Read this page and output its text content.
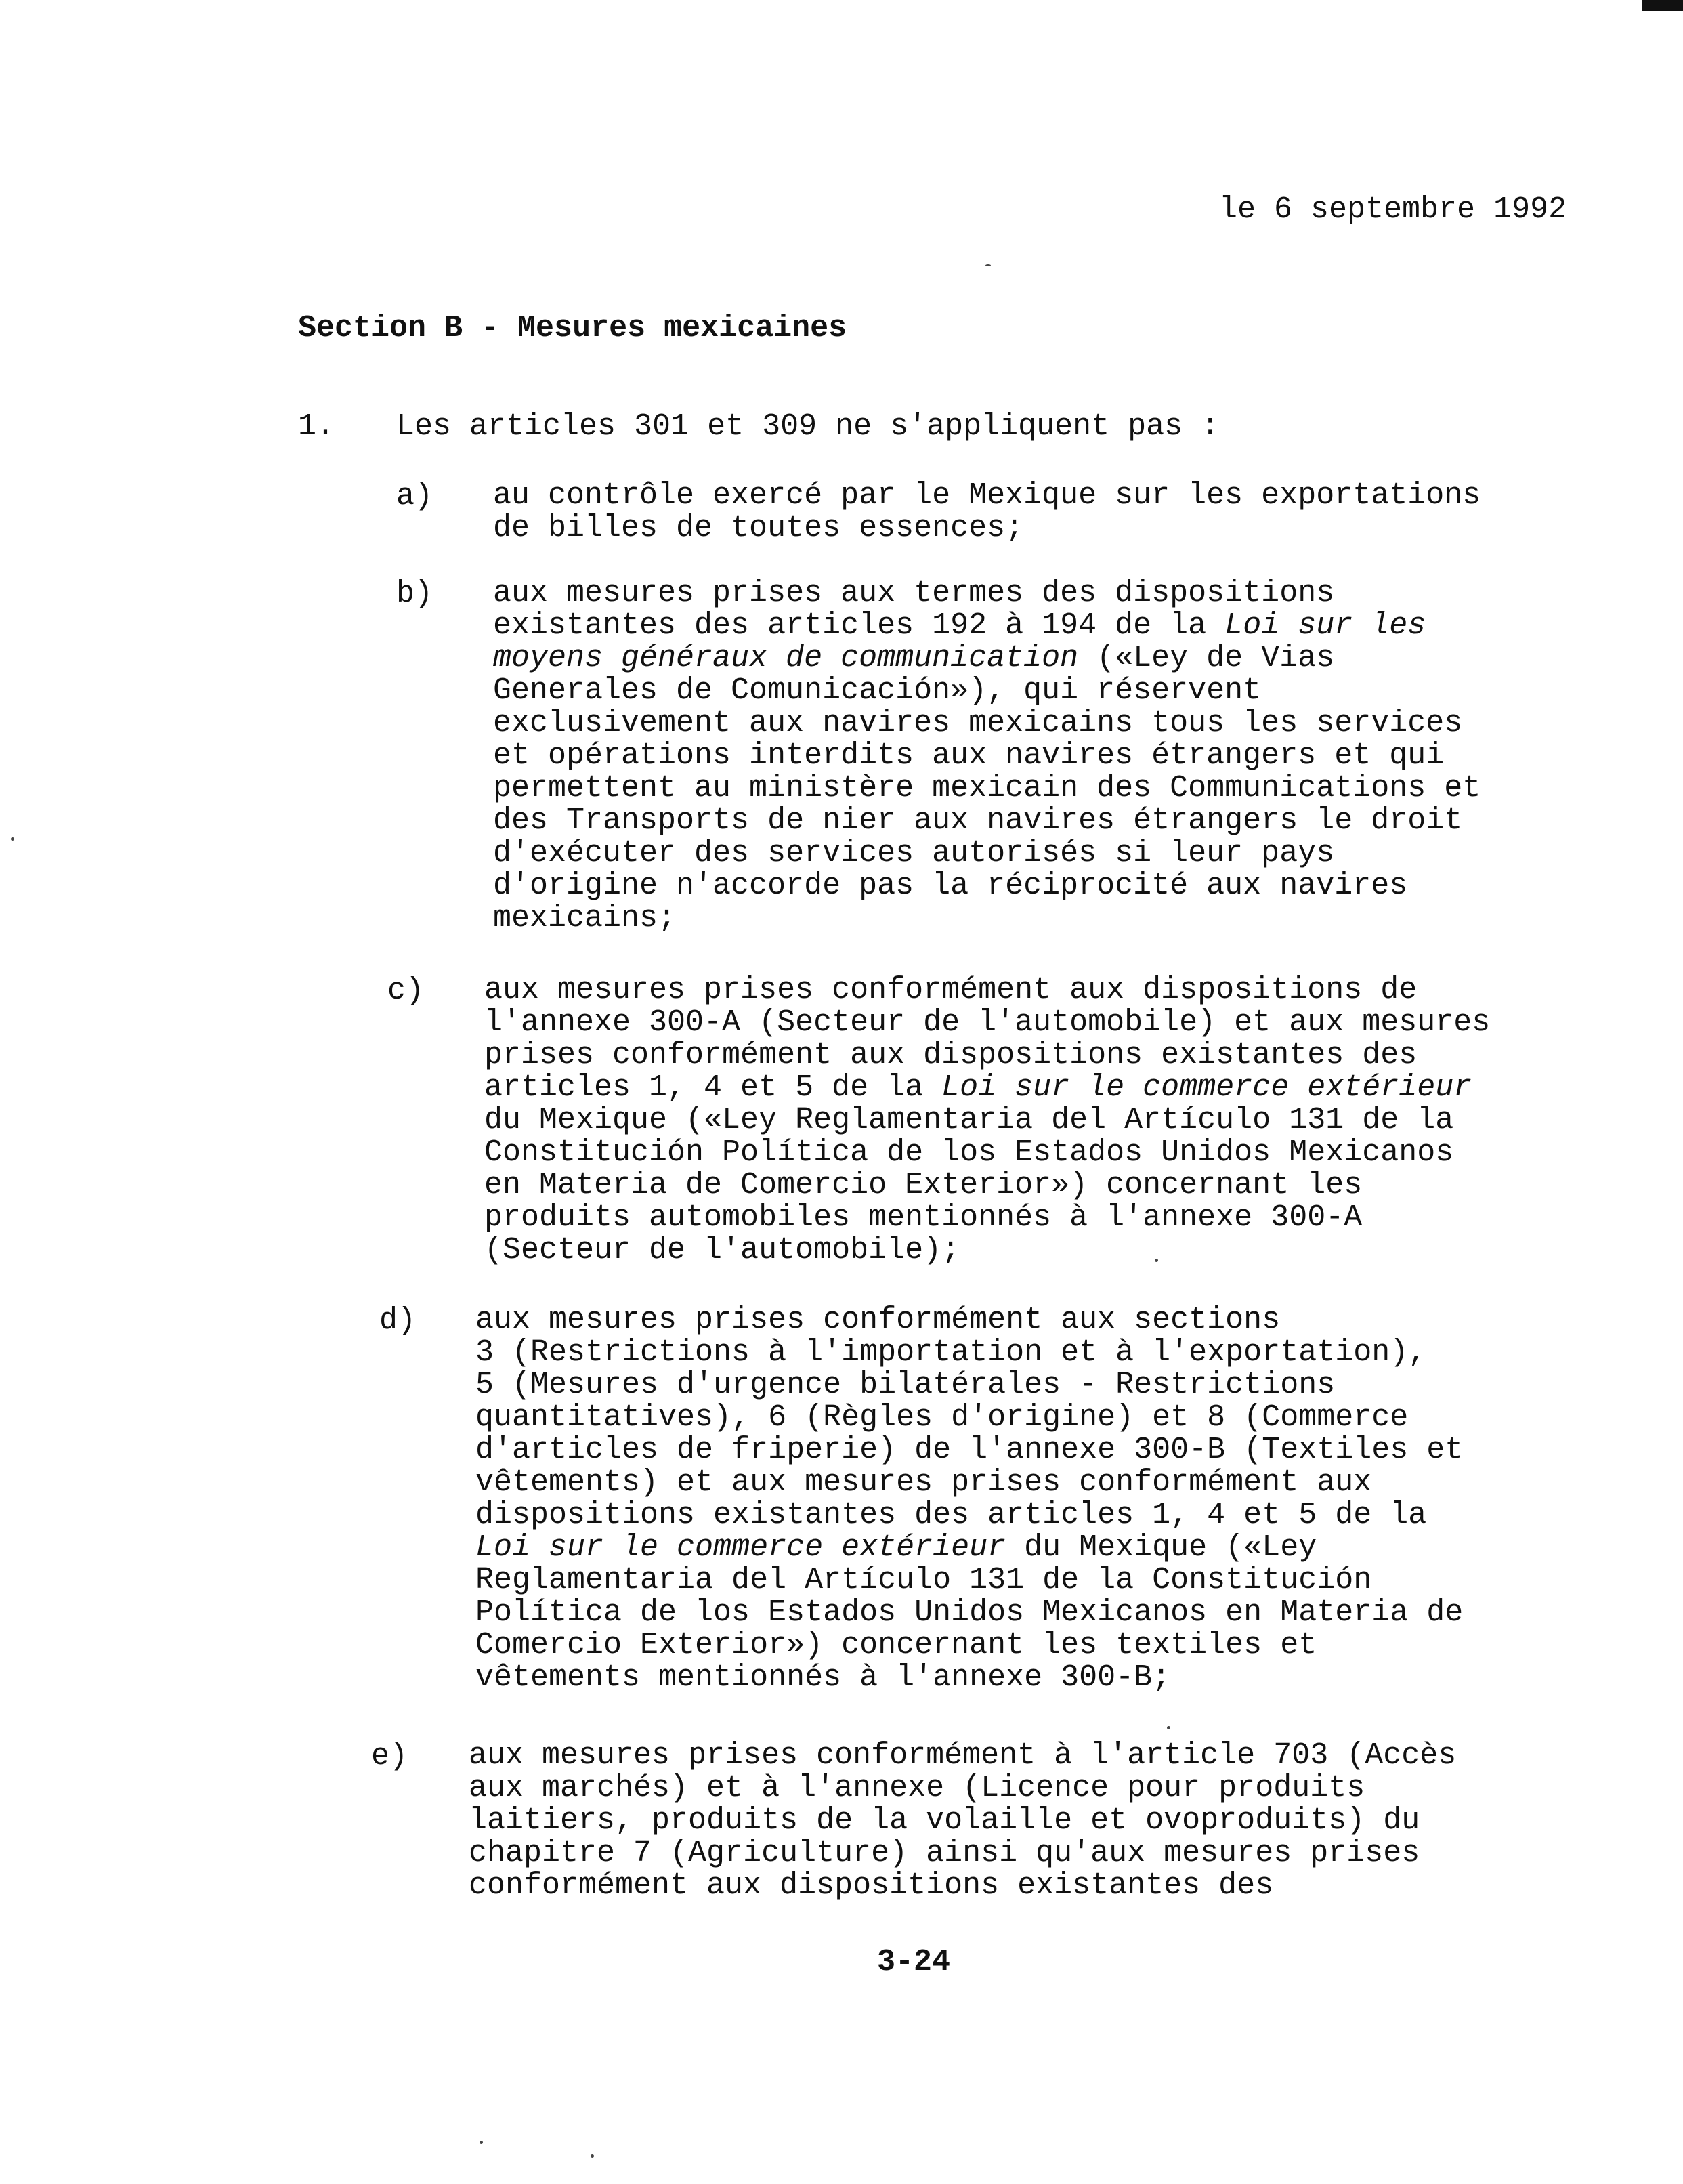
le 6 septembre 1992
Section B - Mesures mexicaines
1. Les articles 301 et 309 ne s'appliquent pas :
a) au contrôle exercé par le Mexique sur les exportations
de billes de toutes essences;
b) aux mesures prises aux termes des dispositions
existantes des articles 192 à 194 de la Loi sur les
moyens généraux de communication («Ley de Vias
Generales de Comunicación»), qui réservent
exclusivement aux navires mexicains tous les services
et opérations interdits aux navires étrangers et qui
permettent au ministère mexicain des Communications et
des Transports de nier aux navires étrangers le droit
d'exécuter des services autorisés si leur pays
d'origine n'accorde pas la réciprocité aux navires
mexicains;
c) aux mesures prises conformément aux dispositions de
l'annexe 300-A (Secteur de l'automobile) et aux mesures
prises conformément aux dispositions existantes des
articles 1, 4 et 5 de la Loi sur le commerce extérieur
du Mexique («Ley Reglamentaria del Artículo 131 de la
Constitución Política de los Estados Unidos Mexicanos
en Materia de Comercio Exterior») concernant les
produits automobiles mentionnés à l'annexe 300-A
(Secteur de l'automobile);
d) aux mesures prises conformément aux sections
3 (Restrictions à l'importation et à l'exportation),
5 (Mesures d'urgence bilatérales - Restrictions
quantitatives), 6 (Règles d'origine) et 8 (Commerce
d'articles de friperie) de l'annexe 300-B (Textiles et
vêtements) et aux mesures prises conformément aux
dispositions existantes des articles 1, 4 et 5 de la
Loi sur le commerce extérieur du Mexique («Ley
Reglamentaria del Artículo 131 de la Constitución
Política de los Estados Unidos Mexicanos en Materia de
Comercio Exterior») concernant les textiles et
vêtements mentionnés à l'annexe 300-B;
e) aux mesures prises conformément à l'article 703 (Accès
aux marchés) et à l'annexe (Licence pour produits
laitiers, produits de la volaille et ovoproduits) du
chapitre 7 (Agriculture) ainsi qu'aux mesures prises
conformément aux dispositions existantes des
3-24
